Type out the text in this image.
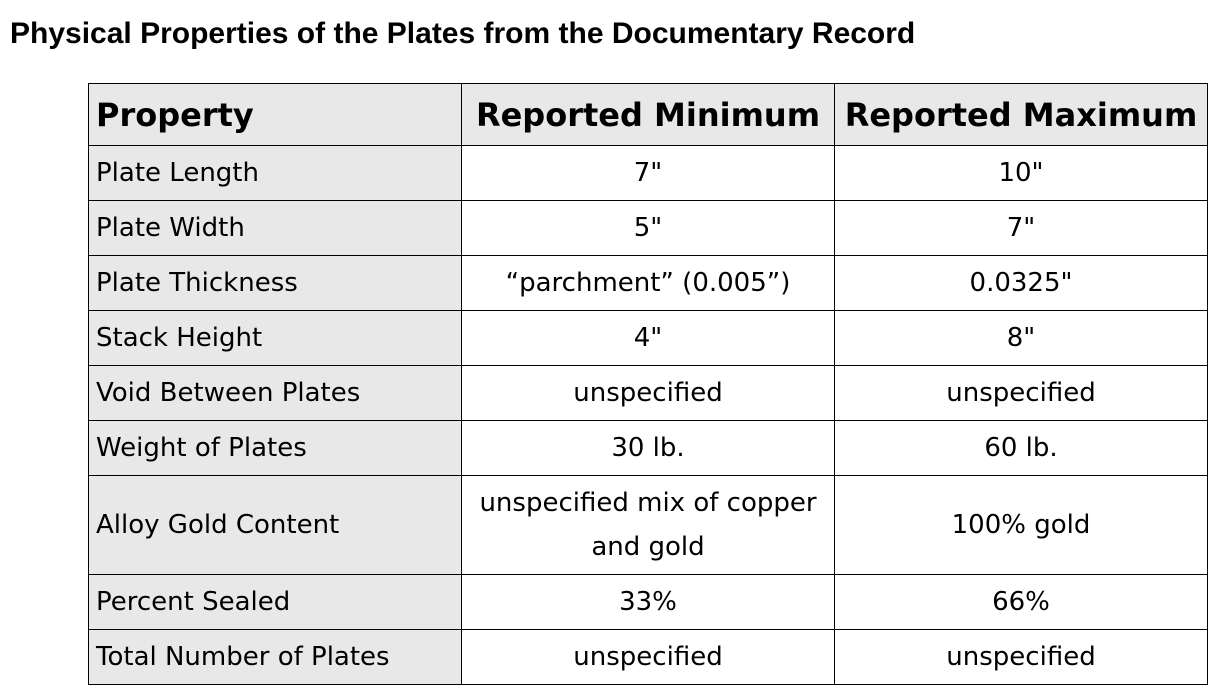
Physical Properties of the Plates from the Documentary Record
Property	Reported Minimum	Reported Maximum
Plate Length	7"	10"
Plate Width	5"	7"
Plate Thickness	“parchment” (0.005”)	0.0325"
Stack Height	4"	8"
Void Between Plates	unspecified	unspecified
Weight of Plates	30 lb.	60 lb.
Alloy Gold Content	unspecified mix of copper and gold	100% gold
Percent Sealed	33%	66%
Total Number of Plates	unspecified	unspecified
